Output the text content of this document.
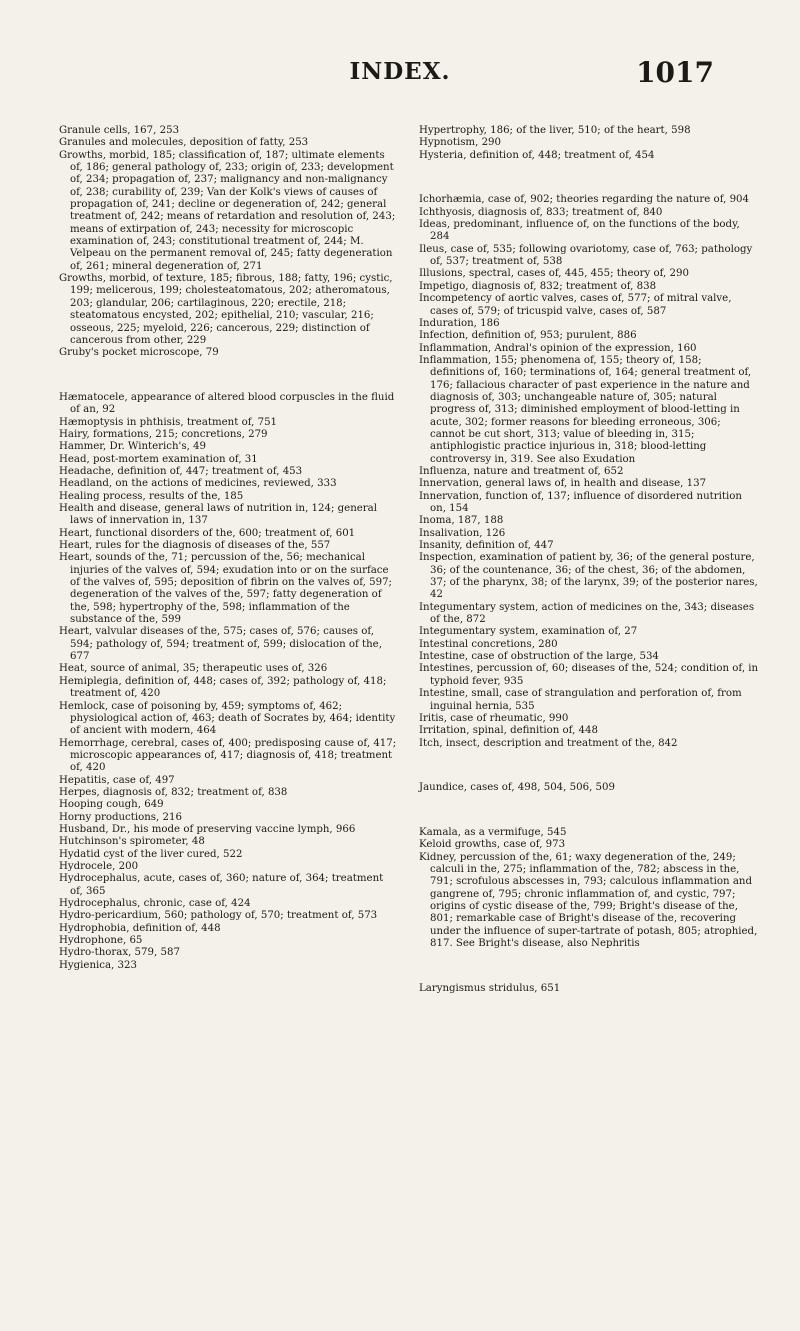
INDEX.	1017

Granule cells, 167, 253

Granules and molecules, deposition of fatty, 253

Growths, morbid, 185; classification of, 187; ultimate elements of, 186; general pathology of, 233; origin of, 233; development of, 234; propagation of, 237; malignancy and non-malignancy of, 238; curability of, 239; Van der Kolk's views of causes of propagation of, 241; decline or degeneration of, 242; general treatment of, 242; means of retardation and resolution of, 243; means of extirpation of, 243; necessity for microscopic examination of, 243; constitutional treatment of, 244; M. Velpeau on the permanent removal of, 245; fatty degeneration of, 261; mineral degeneration of, 271

Growths, morbid, of texture, 185; fibrous, 188; fatty, 196; cystic, 199; melicerous, 199; cholesteatomatous, 202; atheromatous, 203; glandular, 206; cartilaginous, 220; erectile, 218; steatomatous encysted, 202; epithelial, 210; vascular, 216; osseous, 225; myeloid, 226; cancerous, 229; distinction of cancerous from other, 229

Gruby's pocket microscope, 79

Hæmatocele, appearance of altered blood corpuscles in the fluid of an, 92

Hæmoptysis in phthisis, treatment of, 751

Hairy, formations, 215; concretions, 279

Hammer, Dr. Winterich's, 49

Head, post-mortem examination of, 31

Headache, definition of, 447; treatment of, 453

Headland, on the actions of medicines, reviewed, 333

Healing process, results of the, 185

Health and disease, general laws of nutrition in, 124; general laws of innervation in, 137

Heart, functional disorders of the, 600; treatment of, 601

Heart, rules for the diagnosis of diseases of the, 557

Heart, sounds of the, 71; percussion of the, 56; mechanical injuries of the valves of, 594; exudation into or on the surface of the valves of, 595; deposition of fibrin on the valves of, 597; degeneration of the valves of the, 597; fatty degeneration of the, 598; hypertrophy of the, 598; inflammation of the substance of the, 599

Heart, valvular diseases of the, 575; cases of, 576; causes of, 594; pathology of, 594; treatment of, 599; dislocation of the, 677

Heat, source of animal, 35; therapeutic uses of, 326

Hemiplegia, definition of, 448; cases of, 392; pathology of, 418; treatment of, 420

Hemlock, case of poisoning by, 459; symptoms of, 462; physiological action of, 463; death of Socrates by, 464; identity of ancient with modern, 464

Hemorrhage, cerebral, cases of, 400; predisposing cause of, 417; microscopic appearances of, 417; diagnosis of, 418; treatment of, 420

Hepatitis, case of, 497

Herpes, diagnosis of, 832; treatment of, 838

Hooping cough, 649

Horny productions, 216

Husband, Dr., his mode of preserving vaccine lymph, 966

Hutchinson's spirometer, 48

Hydatid cyst of the liver cured, 522

Hydrocele, 200

Hydrocephalus, acute, cases of, 360; nature of, 364; treatment of, 365

Hydrocephalus, chronic, case of, 424

Hydro-pericardium, 560; pathology of, 570; treatment of, 573

Hydrophobia, definition of, 448

Hydrophone, 65

Hydro-thorax, 579, 587

Hygienica, 323

Hypertrophy, 186; of the liver, 510; of the heart, 598

Hypnotism, 290

Hysteria, definition of, 448; treatment of, 454

Ichorhæmia, case of, 902; theories regarding the nature of, 904

Ichthyosis, diagnosis of, 833; treatment of, 840

Ideas, predominant, influence of, on the functions of the body, 284

Ileus, case of, 535; following ovariotomy, case of, 763; pathology of, 537; treatment of, 538

Illusions, spectral, cases of, 445, 455; theory of, 290

Impetigo, diagnosis of, 832; treatment of, 838

Incompetency of aortic valves, cases of, 577; of mitral valve, cases of, 579; of tricuspid valve, cases of, 587

Induration, 186

Infection, definition of, 953; purulent, 886

Inflammation, Andral's opinion of the expression, 160

Inflammation, 155; phenomena of, 155; theory of, 158; definitions of, 160; terminations of, 164; general treatment of, 176; fallacious character of past experience in the nature and diagnosis of, 303; unchangeable nature of, 305; natural progress of, 313; diminished employment of blood-letting in acute, 302; former reasons for bleeding erroneous, 306; cannot be cut short, 313; value of bleeding in, 315; antiphlogistic practice injurious in, 318; blood-letting controversy in, 319. See also Exudation

Influenza, nature and treatment of, 652

Innervation, general laws of, in health and disease, 137

Innervation, function of, 137; influence of disordered nutrition on, 154

Inoma, 187, 188

Insalivation, 126

Insanity, definition of, 447

Inspection, examination of patient by, 36; of the general posture, 36; of the countenance, 36; of the chest, 36; of the abdomen, 37; of the pharynx, 38; of the larynx, 39; of the posterior nares, 42

Integumentary system, action of medicines on the, 343; diseases of the, 872

Integumentary system, examination of, 27

Intestinal concretions, 280

Intestine, case of obstruction of the large, 534

Intestines, percussion of, 60; diseases of the, 524; condition of, in typhoid fever, 935

Intestine, small, case of strangulation and perforation of, from inguinal hernia, 535

Iritis, case of rheumatic, 990

Irritation, spinal, definition of, 448

Itch, insect, description and treatment of the, 842

Jaundice, cases of, 498, 504, 506, 509

Kamala, as a vermifuge, 545

Keloid growths, case of, 973

Kidney, percussion of the, 61; waxy degeneration of the, 249; calculi in the, 275; inflammation of the, 782; abscess in the, 791; scrofulous abscesses in, 793; calculous inflammation and gangrene of, 795; chronic inflammation of, and cystic, 797; origins of cystic disease of the, 799; Bright's disease of the, 801; remarkable case of Bright's disease of the, recovering under the influence of super-tartrate of potash, 805; atrophied, 817. See Bright's disease, also Nephritis

Laryngismus stridulus, 651
